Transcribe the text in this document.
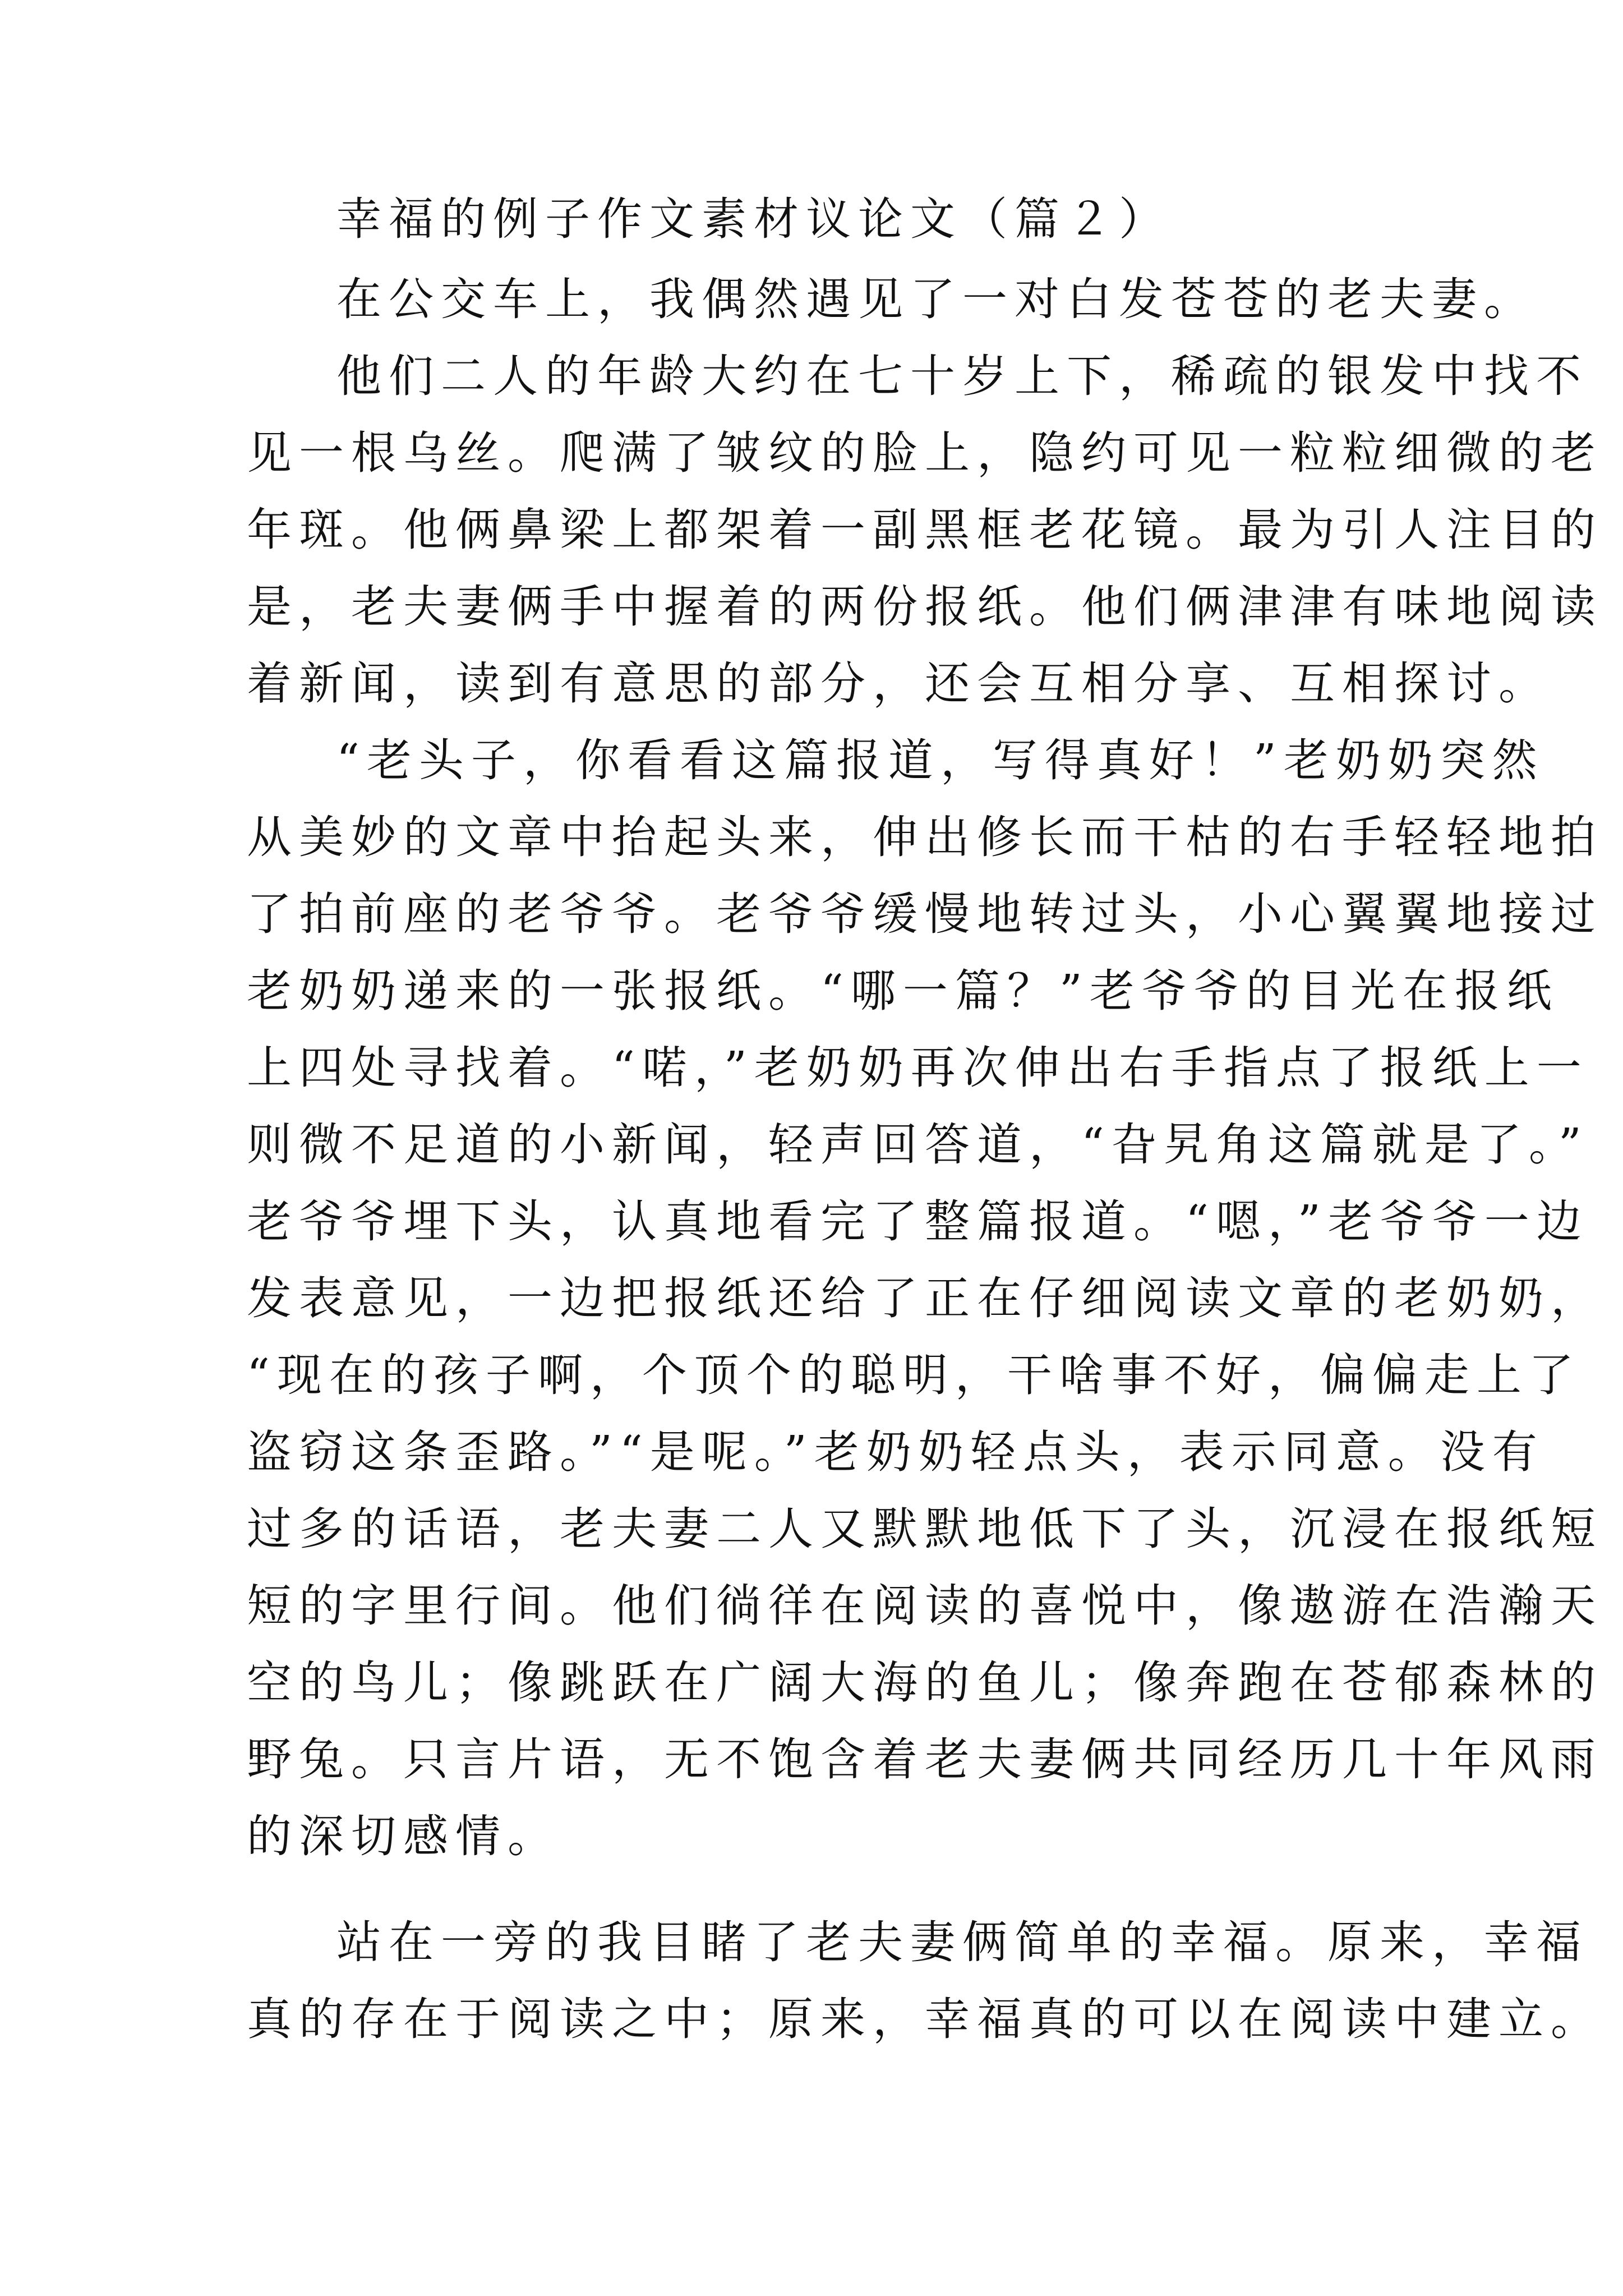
幸福的例子作文素材议论文（篇２）
在公交车上，我偶然遇见了一对白发苍苍的老夫妻。
他们二人的年龄大约在七十岁上下，稀疏的银发中找不
见一根乌丝。爬满了皱纹的脸上，隐约可见一粒粒细微的老
年斑。他俩鼻梁上都架着一副黑框老花镜。最为引人注目的
是，老夫妻俩手中握着的两份报纸。他们俩津津有味地阅读
着新闻，读到有意思的部分，还会互相分享、互相探讨。
“老头子，你看看这篇报道，写得真好！”老奶奶突然
从美妙的文章中抬起头来，伸出修长而干枯的右手轻轻地拍
了拍前座的老爷爷。老爷爷缓慢地转过头，小心翼翼地接过
老奶奶递来的一张报纸。“哪一篇？”老爷爷的目光在报纸
上四处寻找着。“喏，”老奶奶再次伸出右手指点了报纸上一
则微不足道的小新闻，轻声回答道，“旮旯角这篇就是了。”
老爷爷埋下头，认真地看完了整篇报道。“嗯，”老爷爷一边
发表意见，一边把报纸还给了正在仔细阅读文章的老奶奶，
“现在的孩子啊，个顶个的聪明，干啥事不好，偏偏走上了
盗窃这条歪路。”“是呢。”老奶奶轻点头，表示同意。没有
过多的话语，老夫妻二人又默默地低下了头，沉浸在报纸短
短的字里行间。他们徜徉在阅读的喜悦中，像遨游在浩瀚天
空的鸟儿；像跳跃在广阔大海的鱼儿；像奔跑在苍郁森林的
野兔。只言片语，无不饱含着老夫妻俩共同经历几十年风雨
的深切感情。
站在一旁的我目睹了老夫妻俩简单的幸福。原来，幸福
真的存在于阅读之中；原来，幸福真的可以在阅读中建立。
